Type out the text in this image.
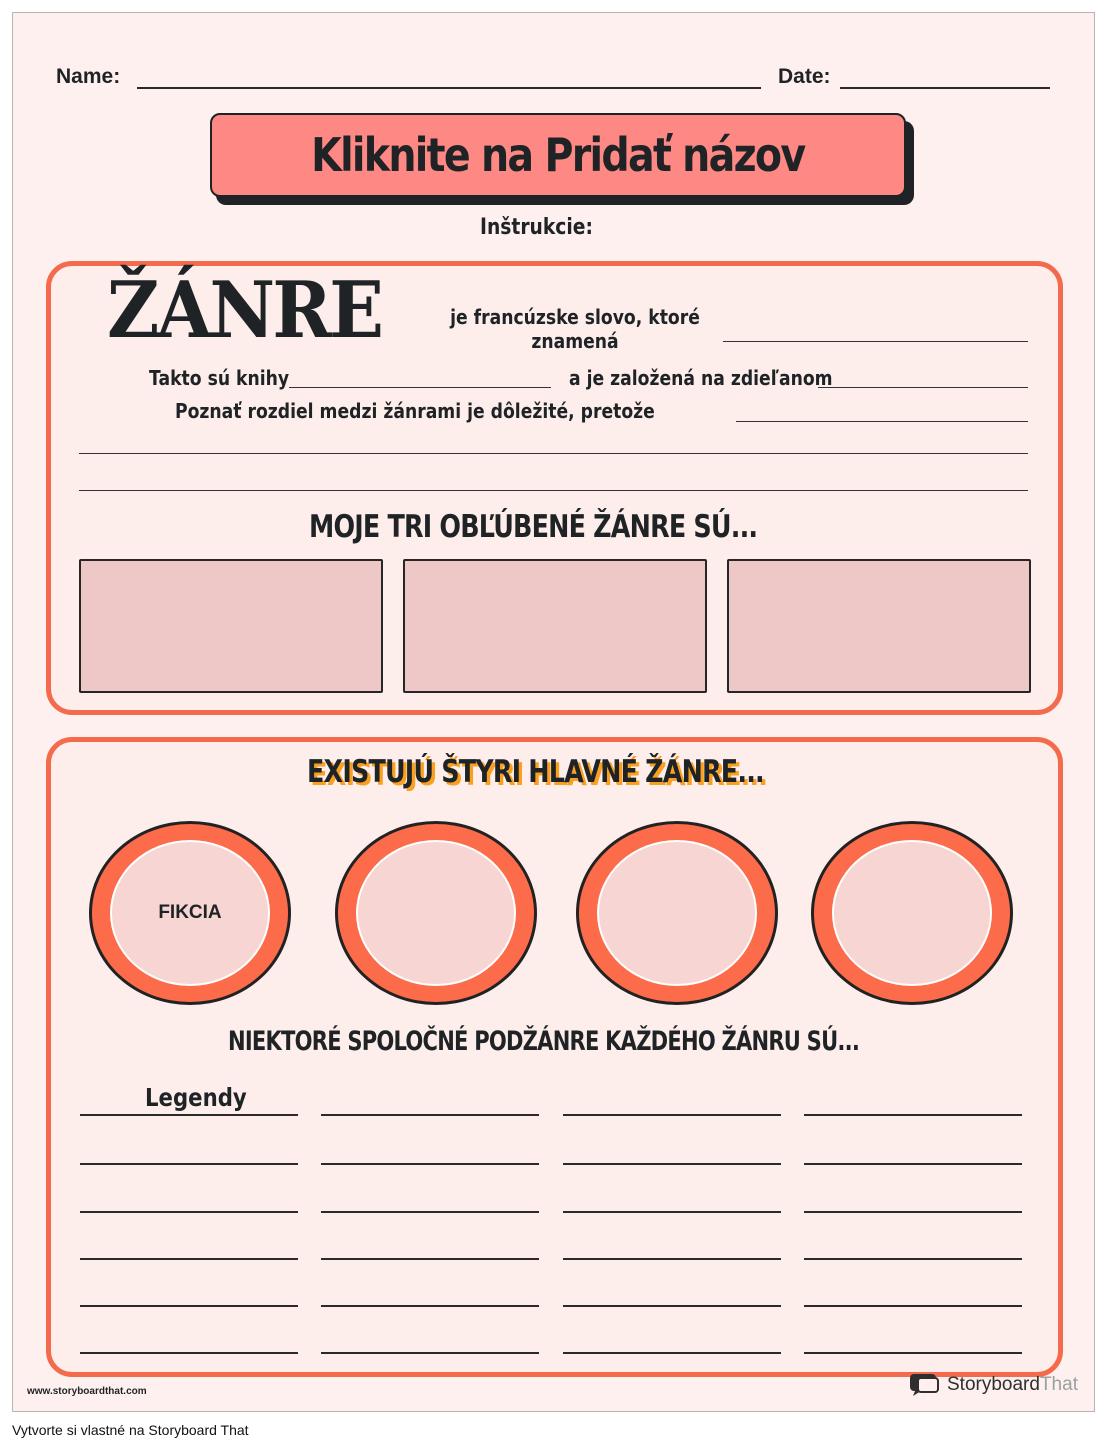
Name:	Date:
Kliknite na Pridať názov
Inštrukcie:
ŽÁNRE	je francúzske slovo, ktoré znamená
Takto sú knihy	a je založená na zdieľanom
Poznať rozdiel medzi žánrami je dôležité, pretože
MOJE TRI OBĽÚBENÉ ŽÁNRE SÚ...
EXISTUJÚ ŠTYRI HLAVNÉ ŽÁNRE...
FIKCIA
NIEKTORÉ SPOLOČNÉ PODŽÁNRE KAŽDÉHO ŽÁNRU SÚ...
Legendy
www.storyboardthat.com	StoryboardThat
Vytvorte si vlastné na Storyboard That
